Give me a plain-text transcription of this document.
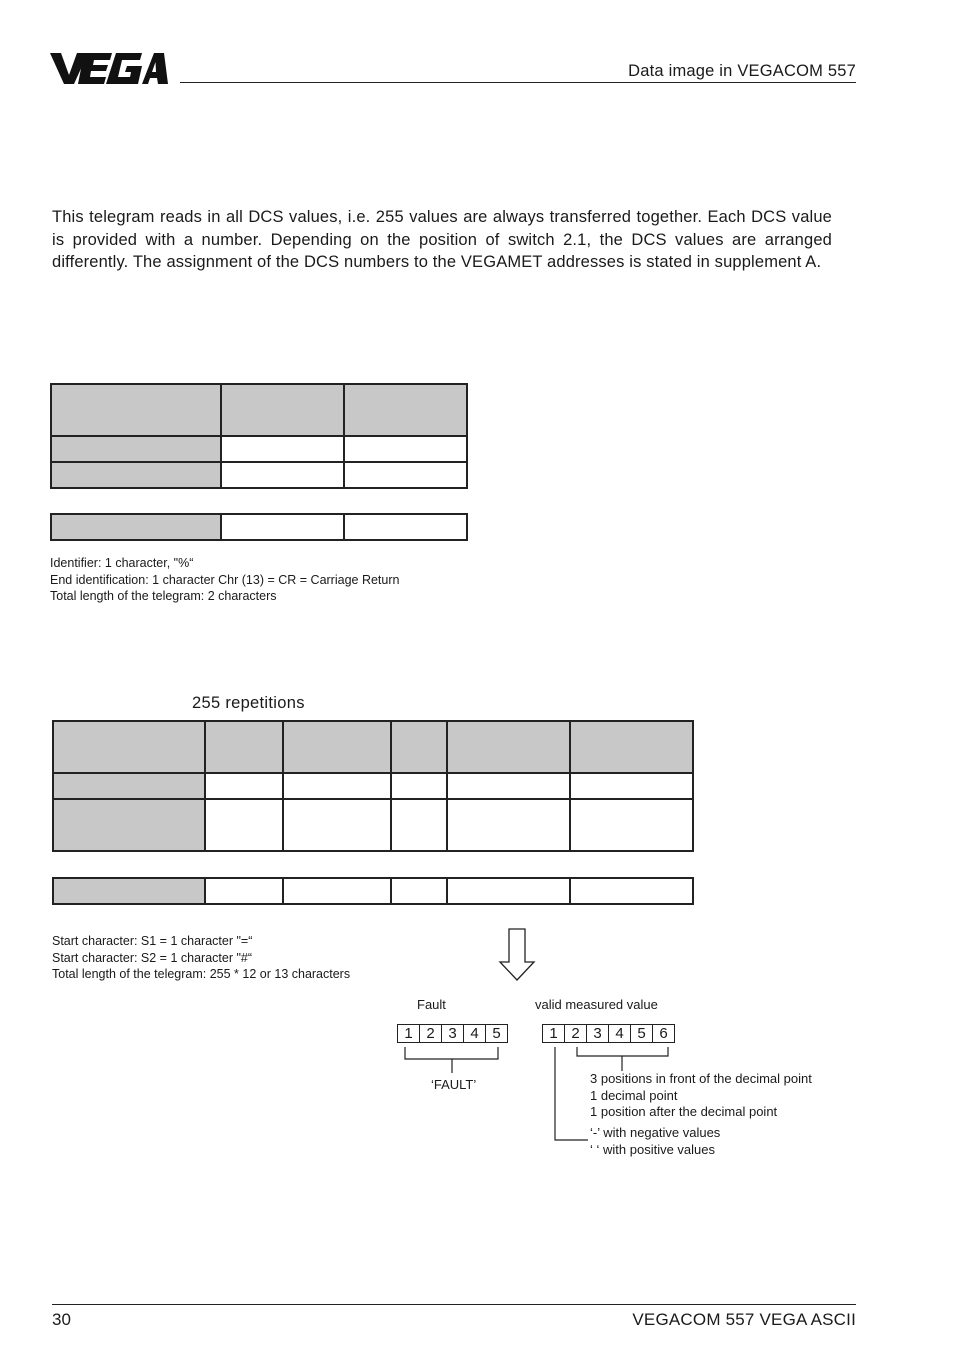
Data image in VEGACOM 557
This telegram reads in all DCS values, i.e. 255 values are always transferred together. Each DCS value is provided with a number. Depending on the position of switch 2.1, the DCS values are arranged differently. The assignment of the DCS numbers to the VEGAMET addresses is stated in supplement A.

Identifier: 1 character, "%“
End identification: 1 character Chr (13) = CR = Carriage Return
Total length of the telegram: 2 characters
255 repetitions

Start character: S1 = 1 character "=“
Start character: S2 = 1 character "#“
Total length of the telegram: 255 * 12 or 13 characters
Fault	valid measured value
1 2 3 4 5	1 2 3 4 5 6
‘FAULT’	3 positions in front of the decimal point
1 decimal point
1 position after the decimal point
‘-’ with negative values
‘ ‘ with positive values
30	VEGACOM 557 VEGA ASCII
